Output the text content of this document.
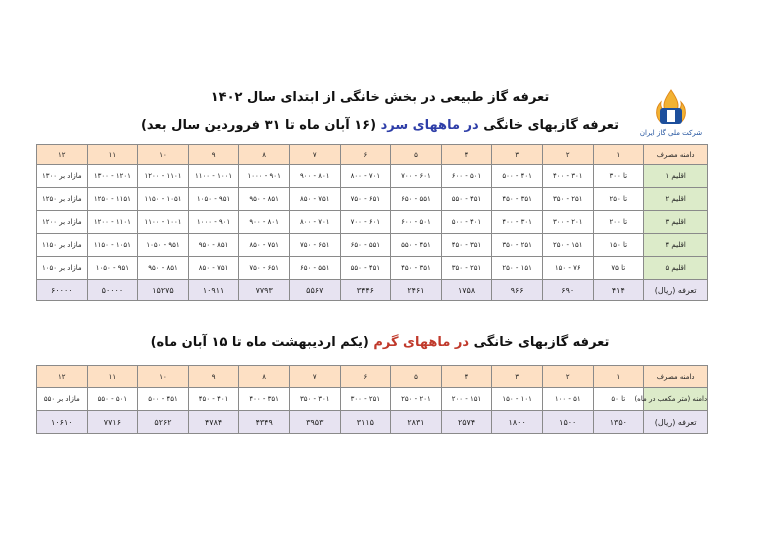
شرکت ملی گاز ایران
تعرفه گاز طبیعی در بخش خانگی از ابتدای سال ۱۴۰۲
تعرفه گازبهای خانگی در ماههای سرد (۱۶ آبان ماه تا ۳۱ فروردین سال بعد)
دامنه مصرف	۱	۲	۳	۴	۵	۶	۷	۸	۹	۱۰	۱۱	۱۲
اقلیم ۱	تا ۳۰۰	۳۰۱ - ۴۰۰	۴۰۱ - ۵۰۰	۵۰۱ - ۶۰۰	۶۰۱ - ۷۰۰	۷۰۱ - ۸۰۰	۸۰۱ - ۹۰۰	۹۰۱ - ۱۰۰۰	۱۰۰۱ - ۱۱۰۰	۱۱۰۱ - ۱۲۰۰	۱۲۰۱ - ۱۳۰۰	مازاد بر ۱۳۰۰
اقلیم ۲	تا ۲۵۰	۲۵۱ - ۳۵۰	۳۵۱ - ۴۵۰	۴۵۱ - ۵۵۰	۵۵۱ - ۶۵۰	۶۵۱ - ۷۵۰	۷۵۱ - ۸۵۰	۸۵۱ - ۹۵۰	۹۵۱ - ۱۰۵۰	۱۰۵۱ - ۱۱۵۰	۱۱۵۱ - ۱۲۵۰	مازاد بر ۱۲۵۰
اقلیم ۳	تا ۲۰۰	۲۰۱ - ۳۰۰	۳۰۱ - ۴۰۰	۴۰۱ - ۵۰۰	۵۰۱ - ۶۰۰	۶۰۱ - ۷۰۰	۷۰۱ - ۸۰۰	۸۰۱ - ۹۰۰	۹۰۱ - ۱۰۰۰	۱۰۰۱ - ۱۱۰۰	۱۱۰۱ - ۱۲۰۰	مازاد بر ۱۲۰۰
اقلیم ۴	تا ۱۵۰	۱۵۱ - ۲۵۰	۲۵۱ - ۳۵۰	۳۵۱ - ۴۵۰	۴۵۱ - ۵۵۰	۵۵۱ - ۶۵۰	۶۵۱ - ۷۵۰	۷۵۱ - ۸۵۰	۸۵۱ - ۹۵۰	۹۵۱ - ۱۰۵۰	۱۰۵۱ - ۱۱۵۰	مازاد بر ۱۱۵۰
اقلیم ۵	تا ۷۵	۷۶ - ۱۵۰	۱۵۱ - ۲۵۰	۲۵۱ - ۳۵۰	۳۵۱ - ۴۵۰	۴۵۱ - ۵۵۰	۵۵۱ - ۶۵۰	۶۵۱ - ۷۵۰	۷۵۱ - ۸۵۰	۸۵۱ - ۹۵۰	۹۵۱ - ۱۰۵۰	مازاد بر ۱۰۵۰
تعرفه (ریال)	۴۱۴	۶۹۰	۹۶۶	۱۷۵۸	۲۴۶۱	۳۴۴۶	۵۵۶۷	۷۷۹۳	۱۰۹۱۱	۱۵۲۷۵	۵۰۰۰۰	۶۰۰۰۰
تعرفه گازبهای خانگی در ماههای گرم (یکم اردیبهشت ماه تا ۱۵ آبان ماه)
دامنه مصرف	۱	۲	۳	۴	۵	۶	۷	۸	۹	۱۰	۱۱	۱۲
دامنه (متر مکعب در ماه)	تا ۵۰	۵۱ - ۱۰۰	۱۰۱ - ۱۵۰	۱۵۱ - ۲۰۰	۲۰۱ - ۲۵۰	۲۵۱ - ۳۰۰	۳۰۱ - ۳۵۰	۳۵۱ - ۴۰۰	۴۰۱ - ۴۵۰	۴۵۱ - ۵۰۰	۵۰۱ - ۵۵۰	مازاد بر ۵۵۰
تعرفه (ریال)	۱۳۵۰	۱۵۰۰	۱۸۰۰	۲۵۷۴	۲۸۳۱	۳۱۱۵	۳۹۵۳	۴۳۴۹	۴۷۸۴	۵۲۶۲	۷۷۱۶	۱۰۶۱۰
